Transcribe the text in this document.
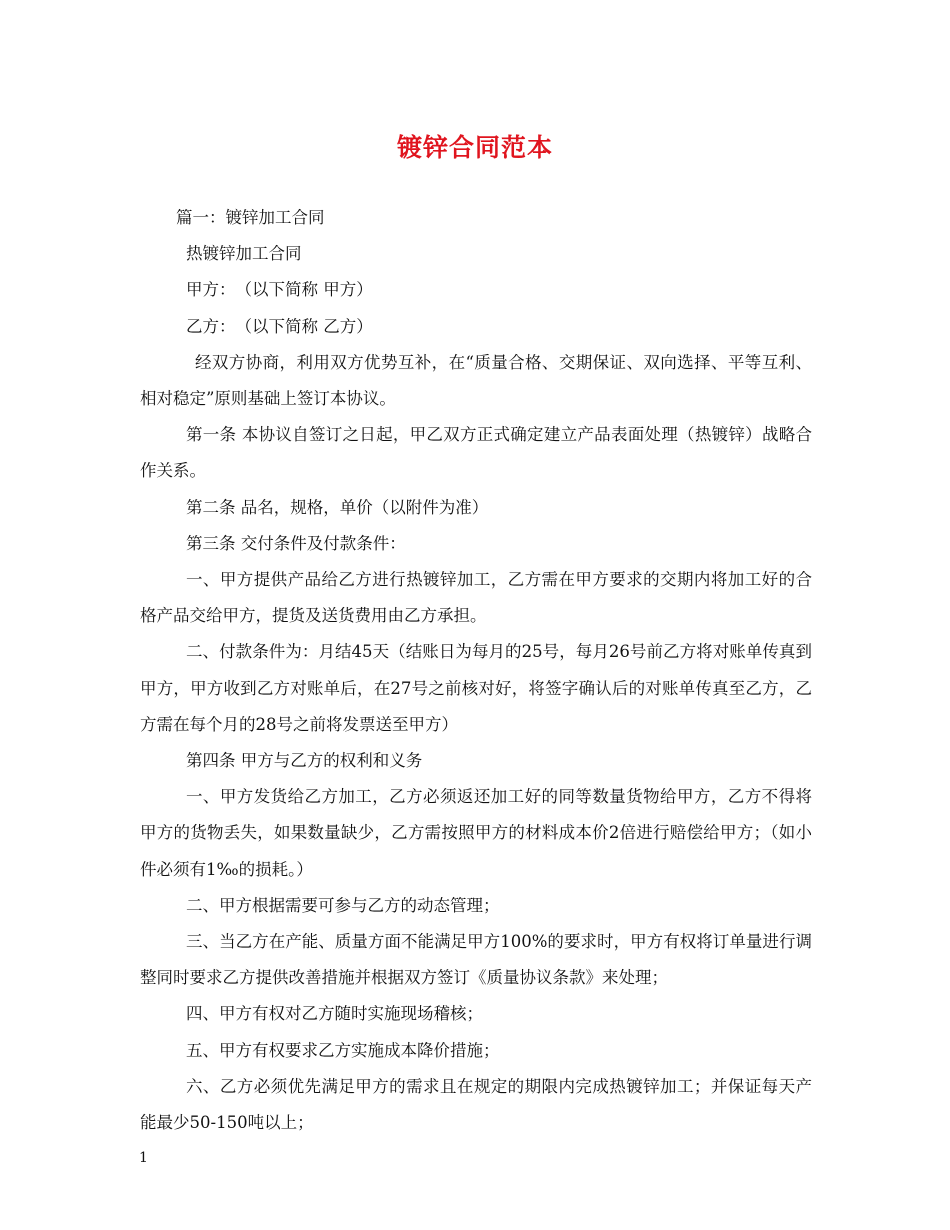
镀锌合同范本

篇一：镀锌加工合同

热镀锌加工合同

甲方：　（以下简称 甲方）

乙方：　（以下简称 乙方）

经双方协商，利用双方优势互补，在“质量合格、交期保证、双向选择、平等互利、相对稳定”原则基础上签订本协议。

第一条 本协议自签订之日起，甲乙双方正式确定建立产品表面处理（热镀锌）战略合作关系。

第二条 品名，规格，单价（以附件为准）

第三条 交付条件及付款条件：

一、甲方提供产品给乙方进行热镀锌加工，乙方需在甲方要求的交期内将加工好的合格产品交给甲方，提货及送货费用由乙方承担。

二、付款条件为：月结45天（结账日为每月的25号，每月26号前乙方将对账单传真到甲方，甲方收到乙方对账单后，在27号之前核对好，将签字确认后的对账单传真至乙方，乙方需在每个月的28号之前将发票送至甲方）

第四条 甲方与乙方的权利和义务

一、甲方发货给乙方加工，乙方必须返还加工好的同等数量货物给甲方，乙方不得将甲方的货物丢失，如果数量缺少，乙方需按照甲方的材料成本价2倍进行赔偿给甲方；（如小件必须有1‰的损耗。）

二、甲方根据需要可参与乙方的动态管理；

三、当乙方在产能、质量方面不能满足甲方100%的要求时，甲方有权将订单量进行调整同时要求乙方提供改善措施并根据双方签订《质量协议条款》来处理；

四、甲方有权对乙方随时实施现场稽核；

五、甲方有权要求乙方实施成本降价措施；

六、乙方必须优先满足甲方的需求且在规定的期限内完成热镀锌加工；并保证每天产能最少50-150吨以上；

1
